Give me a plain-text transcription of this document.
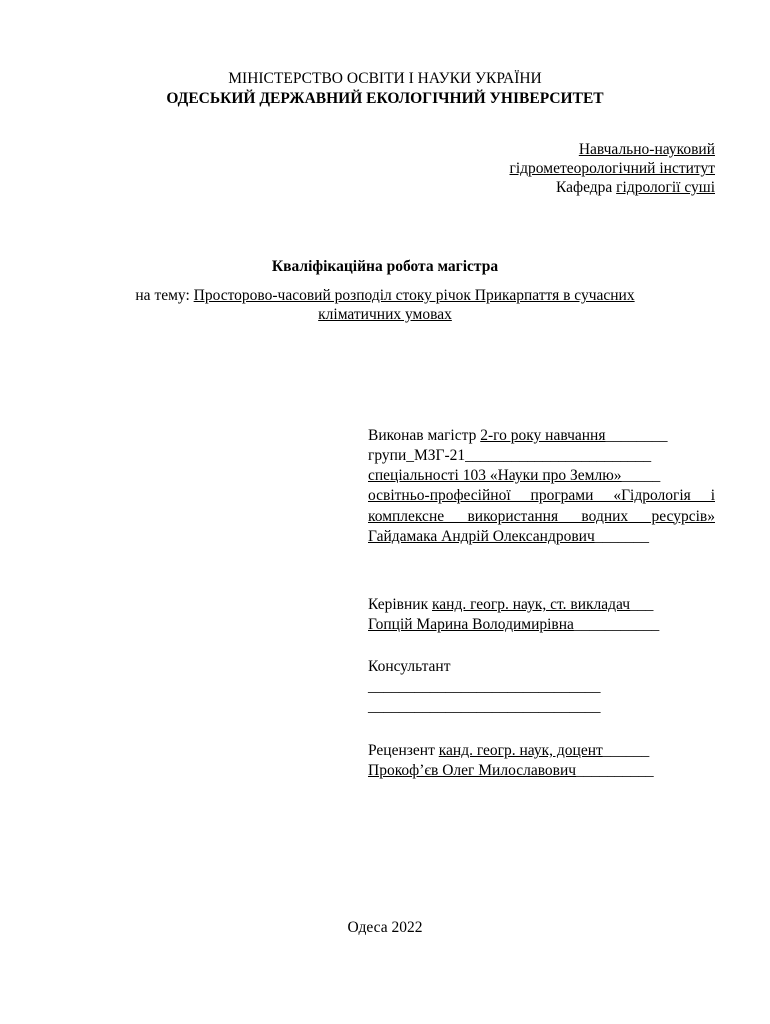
МІНІСТЕРСТВО ОСВІТИ І НАУКИ УКРАЇНИ
ОДЕСЬКИЙ ДЕРЖАВНИЙ ЕКОЛОГІЧНИЙ УНІВЕРСИТЕТ
Навчально-науковий
гідрометеорологічний інститут
Кафедра гідрології суші
Кваліфікаційна робота магістра
на тему: Просторово-часовий розподіл стоку річок Прикарпаття в сучасних
кліматичних умовах
Виконав магістр 2-го року навчання________
групи_МЗГ-21________________________
спеціальності 103 «Науки про Землю»_____
освітньо-професійної програми «Гідрологія і комплексне використання водних ресурсів»
Гайдамака Андрій Олександрович_______
Керівник канд. геогр. наук, ст. викладач___
Гопцій Марина Володимирівна___________
Консультант
______________________________
______________________________
Рецензент канд. геогр. наук, доцент______
Прокоф’єв Олег Милославович__________
Одеса 2022
